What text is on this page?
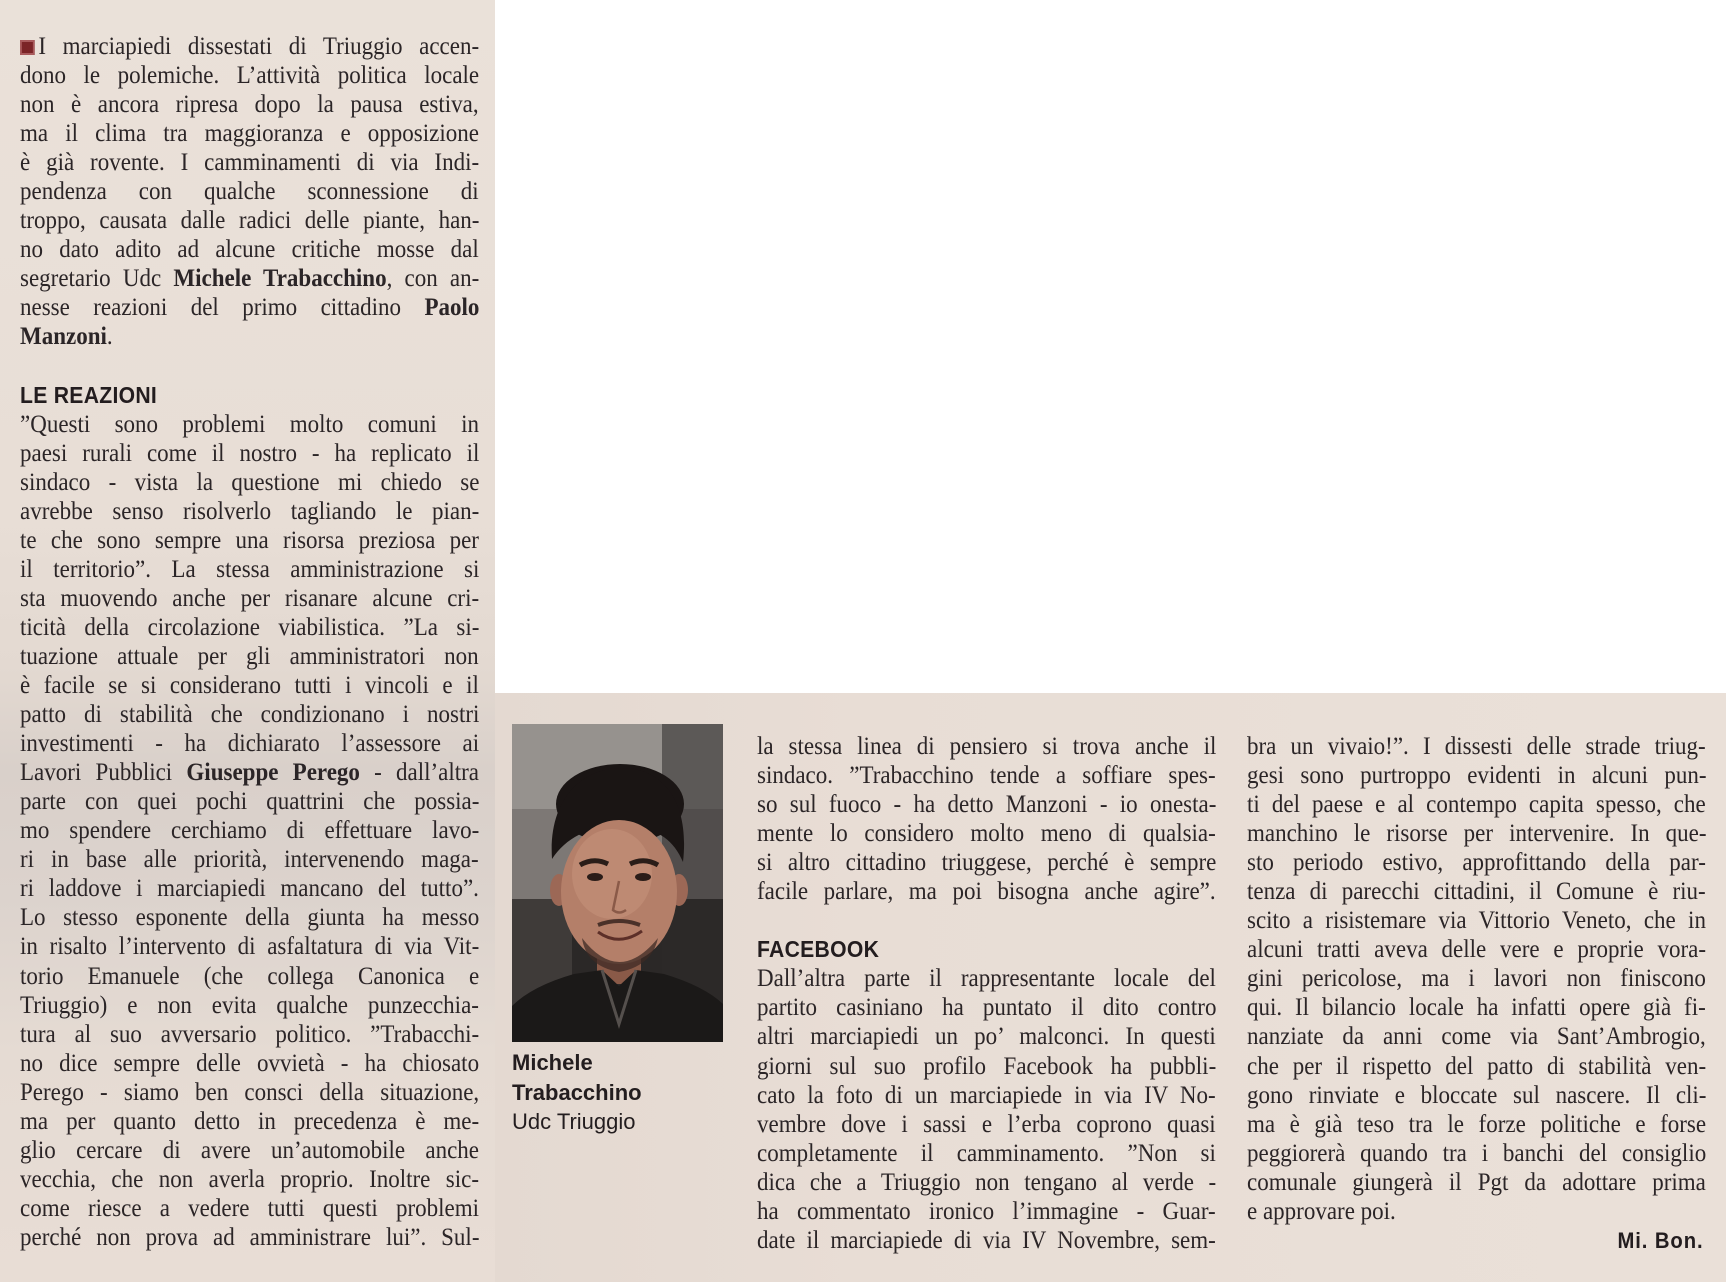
I marciapiedi dissestati di Triuggio accen-
dono le polemiche. L’attività politica locale
non è ancora ripresa dopo la pausa estiva,
ma il clima tra maggioranza e opposizione
è già rovente. I camminamenti di via Indi-
pendenza con qualche sconnessione di
troppo, causata dalle radici delle piante, han-
no dato adito ad alcune critiche mosse dal
segretario Udc Michele Trabacchino, con an-
nesse reazioni del primo cittadino Paolo
Manzoni.
LE REAZIONI
”Questi sono problemi molto comuni in
paesi rurali come il nostro - ha replicato il
sindaco - vista la questione mi chiedo se
avrebbe senso risolverlo tagliando le pian-
te che sono sempre una risorsa preziosa per
il territorio”. La stessa amministrazione si
sta muovendo anche per risanare alcune cri-
ticità della circolazione viabilistica. ”La si-
tuazione attuale per gli amministratori non
è facile se si considerano tutti i vincoli e il
patto di stabilità che condizionano i nostri
investimenti - ha dichiarato l’assessore ai
Lavori Pubblici Giuseppe Perego - dall’altra
parte con quei pochi quattrini che possia-
mo spendere cerchiamo di effettuare lavo-
ri in base alle priorità, intervenendo maga-
ri laddove i marciapiedi mancano del tutto”.
Lo stesso esponente della giunta ha messo
in risalto l’intervento di asfaltatura di via Vit-
torio Emanuele (che collega Canonica e
Triuggio) e non evita qualche punzecchia-
tura al suo avversario politico. ”Trabacchi-
no dice sempre delle ovvietà - ha chiosato
Perego - siamo ben consci della situazione,
ma per quanto detto in precedenza è me-
glio cercare di avere un’automobile anche
vecchia, che non averla proprio. Inoltre sic-
come riesce a vedere tutti questi problemi
perché non prova ad amministrare lui”. Sul-
la stessa linea di pensiero si trova anche il
sindaco. ”Trabacchino tende a soffiare spes-
so sul fuoco - ha detto Manzoni - io onesta-
mente lo considero molto meno di qualsia-
si altro cittadino triuggese, perché è sempre
facile parlare, ma poi bisogna anche agire”.
FACEBOOK
Dall’altra parte il rappresentante locale del
partito casiniano ha puntato il dito contro
altri marciapiedi un po’ malconci. In questi
giorni sul suo profilo Facebook ha pubbli-
cato la foto di un marciapiede in via IV No-
vembre dove i sassi e l’erba coprono quasi
completamente il camminamento. ”Non si
dica che a Triuggio non tengano al verde -
ha commentato ironico l’immagine - Guar-
date il marciapiede di via IV Novembre, sem-
bra un vivaio!”. I dissesti delle strade triug-
gesi sono purtroppo evidenti in alcuni pun-
ti del paese e al contempo capita spesso, che
manchino le risorse per intervenire. In que-
sto periodo estivo, approfittando della par-
tenza di parecchi cittadini, il Comune è riu-
scito a risistemare via Vittorio Veneto, che in
alcuni tratti aveva delle vere e proprie vora-
gini pericolose, ma i lavori non finiscono
qui. Il bilancio locale ha infatti opere già fi-
nanziate da anni come via Sant’Ambrogio,
che per il rispetto del patto di stabilità ven-
gono rinviate e bloccate sul nascere. Il cli-
ma è già teso tra le forze politiche e forse
peggiorerà quando tra i banchi del consiglio
comunale giungerà il Pgt da adottare prima
e approvare poi.
Michele
Trabacchino
Udc Triuggio
Mi. Bon.
